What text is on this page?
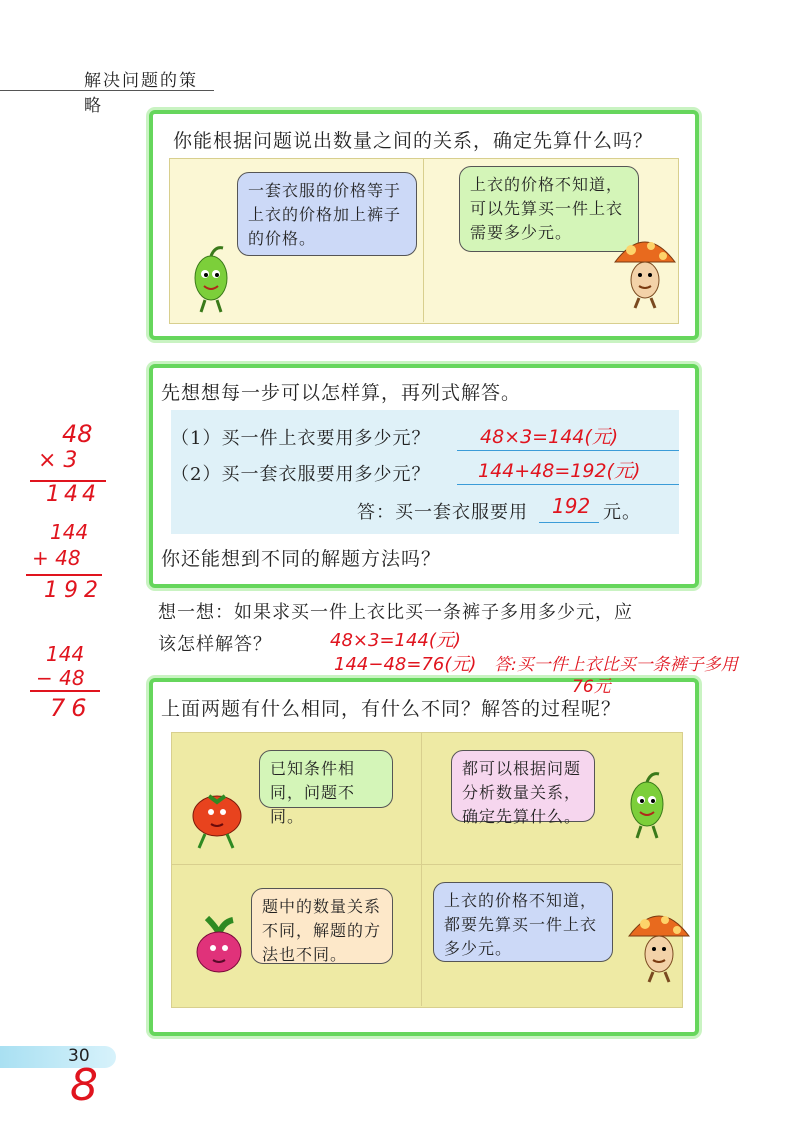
解决问题的策略
你能根据问题说出数量之间的关系，确定先算什么吗？
一套衣服的价格等于上衣的价格加上裤子的价格。
上衣的价格不知道，可以先算买一件上衣需要多少元。
先想想每一步可以怎样算，再列式解答。
（1）买一件上衣要用多少元？
（2）买一套衣服要用多少元？
答：买一套衣服要用	元。
你还能想到不同的解题方法吗？
想一想：如果求买一件上衣比买一条裤子多用多少元，应
该怎样解答？
上面两题有什么相同，有什么不同？解答的过程呢？
已知条件相同，问题不同。
都可以根据问题分析数量关系，确定先算什么。
题中的数量关系不同，解题的方法也不同。
上衣的价格不知道，都要先算买一件上衣多少元。
48
× 3
144
144
+ 48
192
144
− 48
76
48×3=144(元)
144+48=192(元)
192
48×3=144(元)
144−48=76(元) 答:买一件上衣比买一条裤子多用
76元
30
8
